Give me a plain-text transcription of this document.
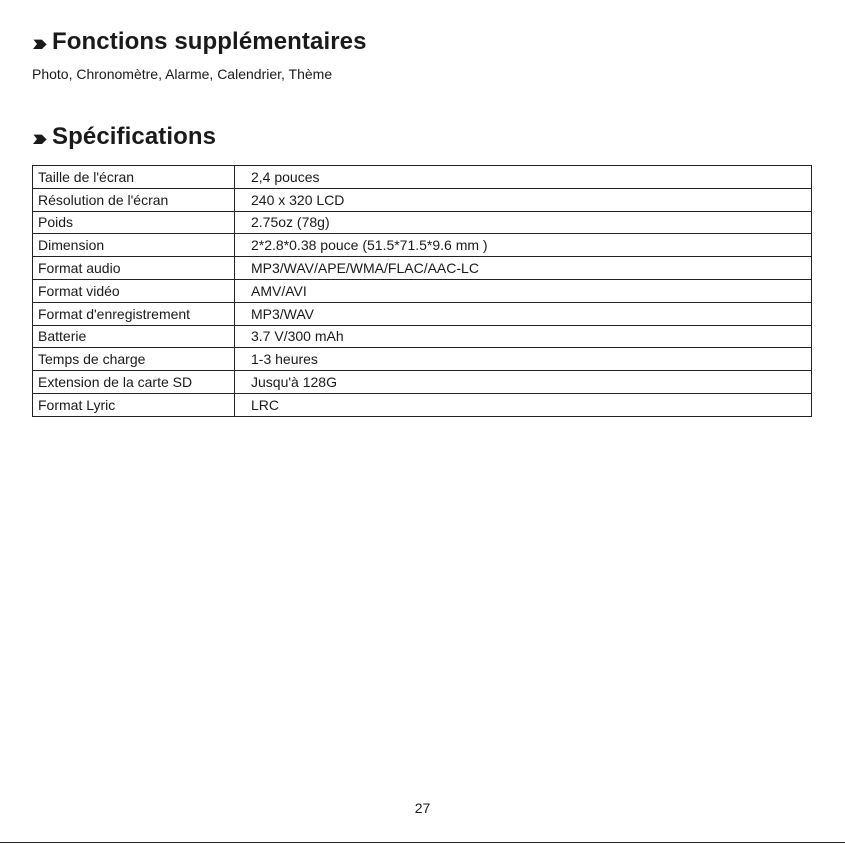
Fonctions supplémentaires
Photo, Chronomètre, Alarme, Calendrier, Thème
Spécifications
Taille de l'écran	2,4 pouces
Résolution de l'écran	240 x 320 LCD
Poids	2.75oz (78g)
Dimension	2*2.8*0.38 pouce (51.5*71.5*9.6 mm )
Format audio	MP3/WAV/APE/WMA/FLAC/AAC-LC
Format vidéo	AMV/AVI
Format d'enregistrement	MP3/WAV
Batterie	3.7 V/300 mAh
Temps de charge	1-3 heures
Extension de la carte SD	Jusqu'à 128G
Format Lyric	LRC
27
